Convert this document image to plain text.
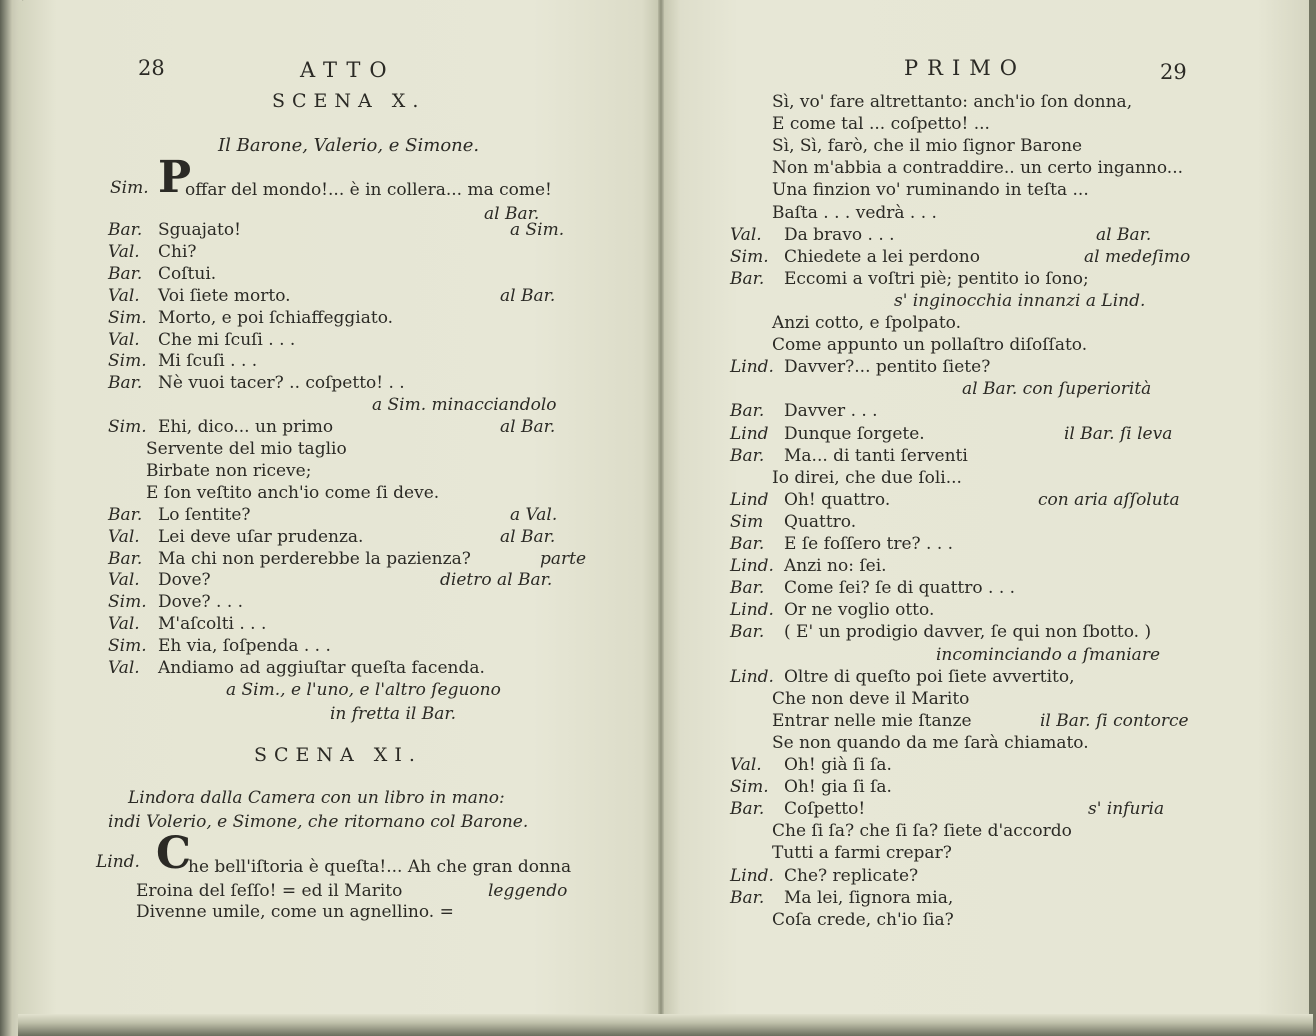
28	ATTO
SCENA X.
Il Barone, Valerio, e Simone.
Sim. P
offar del mondo!... è in collera... ma come!
al Bar.
Bar. Sguajato!	a Sim.
Val. Chi?
Bar. Coſtui.
Val. Voi ſiete morto.	al Bar.
Sim. Morto, e poi ſchiaffeggiato.
Val. Che mi ſcuſi . . .
Sim. Mi ſcuſi . . .
Bar. Nè vuoi tacer? .. coſpetto! . .
a Sim. minacciandolo
Sim. Ehi, dico... un primo	al Bar.
Servente del mio taglio
Birbate non riceve;
E ſon veſtito anch'io come ſi deve.
Bar. Lo ſentite?	a Val.
Val. Lei deve uſar prudenza.	al Bar.
Bar. Ma chi non perderebbe la pazienza?	parte
Val. Dove?	dietro al Bar.
Sim. Dove? . . .
Val. M'aſcolti . . .
Sim. Eh via, ſoſpenda . . .
Val. Andiamo ad aggiuſtar queſta facenda.
a Sim., e l'uno, e l'altro ſeguono
in fretta il Bar.
SCENA XI.
Lindora dalla Camera con un libro in mano:
indi Volerio, e Simone, che ritornano col Barone.
Lind. C
he bell'iſtoria è queſta!... Ah che gran donna
Eroina del ſeſſo! = ed il Marito	leggendo
Divenne umile, come un agnellino. =
PRIMO	29
Sì, vo' fare altrettanto: anch'io ſon donna,
E come tal ... coſpetto! ...
Sì, Sì, farò, che il mio ſignor Barone
Non m'abbia a contraddire.. un certo inganno...
Una finzion vo' ruminando in teſta ...
Baſta . . . vedrà . . .
Val. Da bravo . . .	al Bar.
Sim. Chiedete a lei perdono	al medeſimo
Bar. Eccomi a voſtri piè; pentito io ſono;
s' inginocchia innanzi a Lind.
Anzi cotto, e ſpolpato.
Come appunto un pollaſtro diſoſſato.
Lind. Davver?... pentito ſiete?
al Bar. con ſuperiorità
Bar. Davver . . .
Lind Dunque ſorgete.	il Bar. ſi leva
Bar. Ma... di tanti ſerventi
Io direi, che due ſoli...
Lind Oh! quattro.	con aria aſſoluta
Sim Quattro.
Bar. E ſe foſſero tre? . . .
Lind. Anzi no: ſei.
Bar. Come ſei? ſe di quattro . . .
Lind. Or ne voglio otto.
Bar. ( E' un prodigio davver, ſe qui non ſbotto. )
incominciando a ſmaniare
Lind. Oltre di queſto poi ſiete avvertito,
Che non deve il Marito
Entrar nelle mie ſtanze	il Bar. ſi contorce
Se non quando da me ſarà chiamato.
Val. Oh! già ſi ſa.
Sim. Oh! gia ſi ſa.
Bar. Coſpetto!	s' infuria
Che ſi ſa? che ſi ſa? ſiete d'accordo
Tutti a farmi crepar?
Lind. Che? replicate?
Bar. Ma lei, ſignora mia,
Coſa crede, ch'io ſia?
